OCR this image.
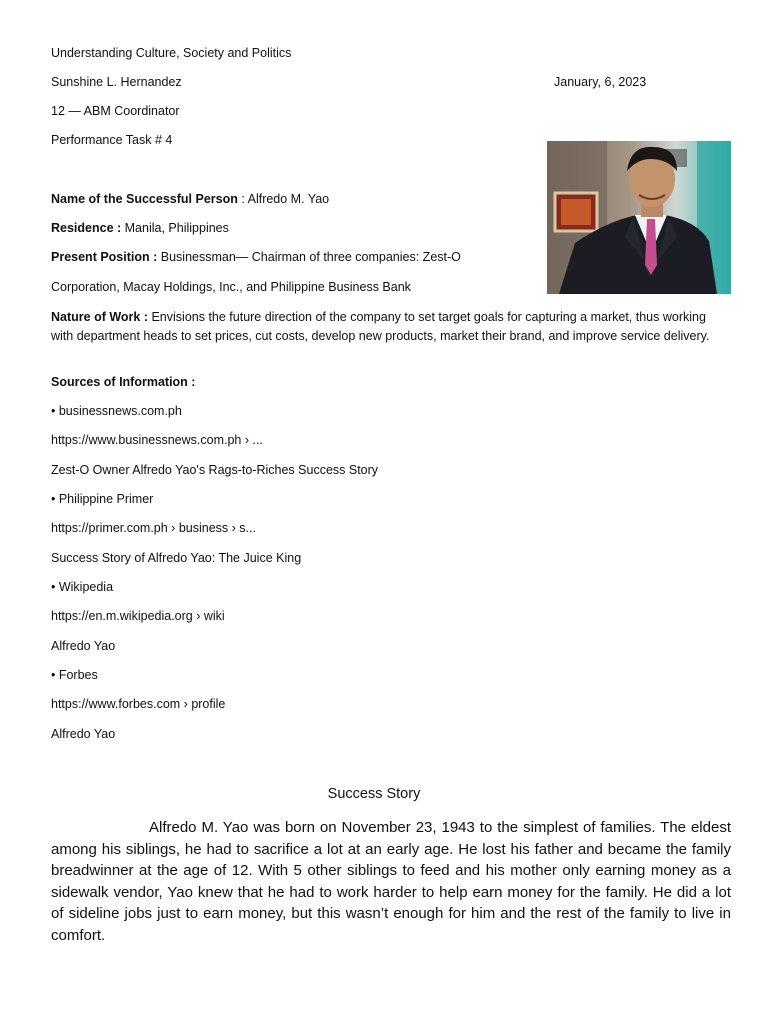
Understanding Culture, Society and Politics
Sunshine L. Hernandez	January, 6, 2023
12 — ABM Coordinator
Performance Task # 4
Name of the Successful Person : Alfredo M. Yao
Residence : Manila, Philippines
Present Position : Businessman— Chairman of three companies: Zest-O
Corporation, Macay Holdings, Inc., and Philippine Business Bank
Nature of Work : Envisions the future direction of the company to set target goals for capturing a market, thus working with department heads to set prices, cut costs, develop new products, market their brand, and improve service delivery.
Sources of Information :
• businessnews.com.ph
https://www.businessnews.com.ph › ...
Zest-O Owner Alfredo Yao's Rags-to-Riches Success Story
• Philippine Primer
https://primer.com.ph › business › s...
Success Story of Alfredo Yao: The Juice King
• Wikipedia
https://en.m.wikipedia.org › wiki
Alfredo Yao
• Forbes
https://www.forbes.com › profile
Alfredo Yao
Success Story
Alfredo M. Yao was born on November 23, 1943 to the simplest of families. The eldest among his siblings, he had to sacrifice a lot at an early age. He lost his father and became the family breadwinner at the age of 12. With 5 other siblings to feed and his mother only earning money as a sidewalk vendor, Yao knew that he had to work harder to help earn money for the family. He did a lot of sideline jobs just to earn money, but this wasn’t enough for him and the rest of the family to live in comfort.
